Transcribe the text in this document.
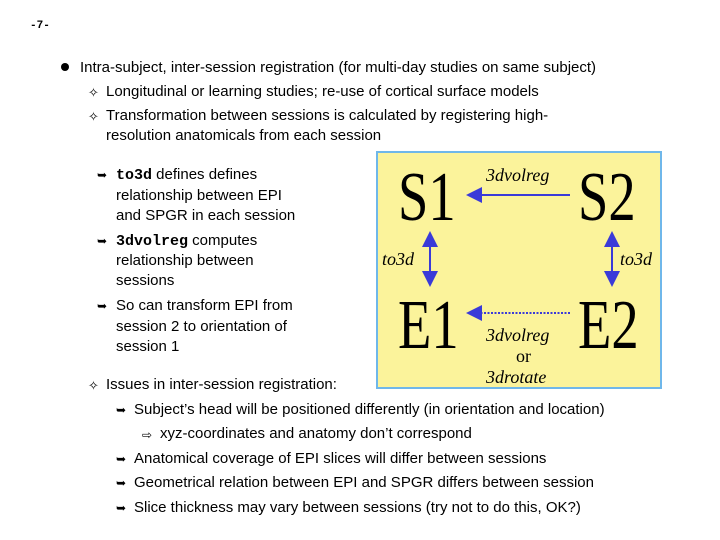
-7-
Intra-subject, inter-session registration (for multi-day studies on same subject)
✧ Longitudinal or learning studies; re-use of cortical surface models
✧ Transformation between sessions is calculated by registering high-
resolution anatomicals from each session
➥ to3d defines defines
relationship between EPI
and SPGR in each session
➥ 3dvolreg computes
relationship between
sessions
➥ So can transform EPI from
session 2 to orientation of
session 1
✧ Issues in inter-session registration:
➥ Subject’s head will be positioned differently (in orientation and location)
⇨ xyz-coordinates and anatomy don’t correspond
➥ Anatomical coverage of EPI slices will differ between sessions
➥ Geometrical relation between EPI and SPGR differs between session
➥ Slice thickness may vary between sessions (try not to do this, OK?)
S1 S2
E1 E2
3dvolreg
to3d	to3d
3dvolreg
or
3drotate
